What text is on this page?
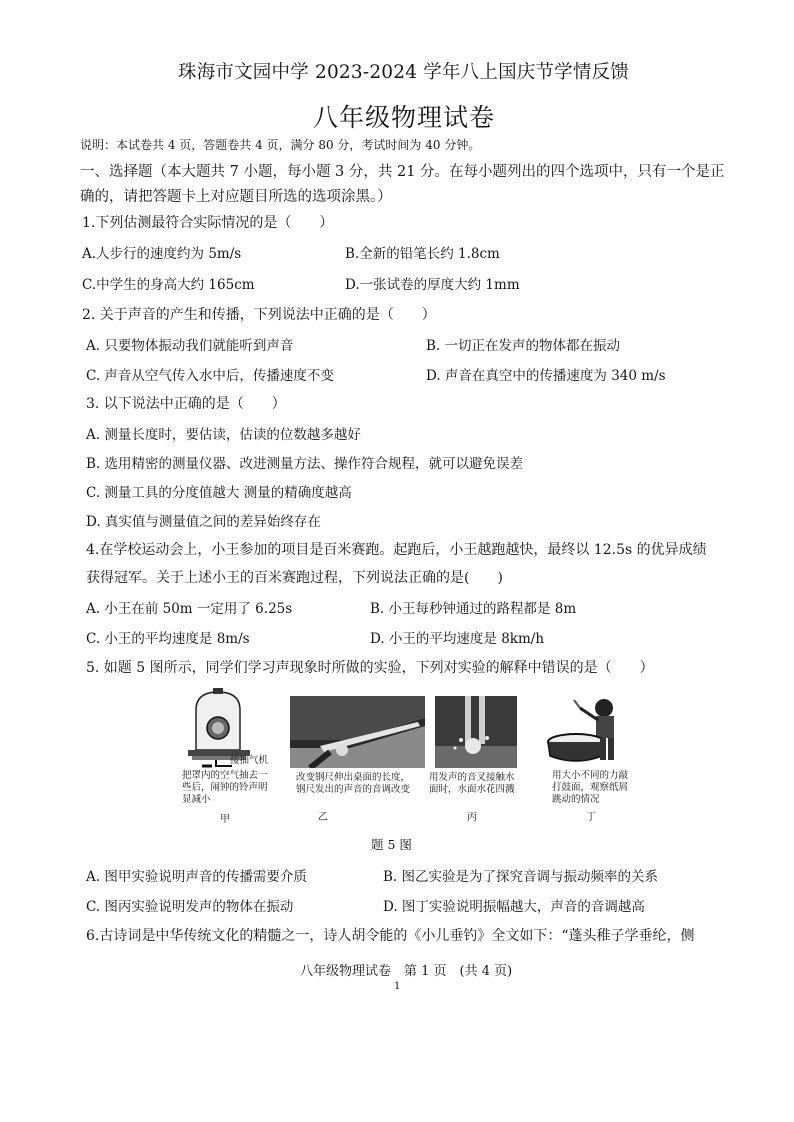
珠海市文园中学 2023-2024 学年八上国庆节学情反馈
八年级物理试卷
说明：本试卷共 4 页，答题卷共 4 页，满分 80 分，考试时间为 40 分钟。
一、选择题（本大题共 7 小题，每小题 3 分，共 21 分。在每小题列出的四个选项中，只有一个是正
确的，请把答题卡上对应题目所选的选项涂黑。）
1.下列估测最符合实际情况的是（　　）
A.人步行的速度约为 5m/s	B.全新的铅笔长约 1.8cm
C.中学生的身高大约 165cm	D.一张试卷的厚度大约 1mm
2. 关于声音的产生和传播，下列说法中正确的是（　　）
A. 只要物体振动我们就能听到声音	B. 一切正在发声的物体都在振动
C. 声音从空气传入水中后，传播速度不变	D. 声音在真空中的传播速度为 340 m/s
3. 以下说法中正确的是（　　）
A. 测量长度时，要估读，估读的位数越多越好
B. 选用精密的测量仪器、改进测量方法、操作符合规程，就可以避免误差
C. 测量工具的分度值越大 测量的精确度越高
D. 真实值与测量值之间的差异始终存在
4.在学校运动会上，小王参加的项目是百米赛跑。起跑后，小王越跑越快，最终以 12.5s 的优异成绩
获得冠军。关于上述小王的百米赛跑过程，下列说法正确的是(　　)
A. 小王在前 50m 一定用了 6.25s	B. 小王每秒钟通过的路程都是 8m
C. 小王的平均速度是 8m/s	D. 小王的平均速度是 8km/h
5. 如题 5 图所示，同学们学习声现象时所做的实验，下列对实验的解释中错误的是（　　）
接抽气机
把罩内的空气抽去一些后，闹钟的铃声明显减小
甲
改变钢尺伸出桌面的长度，钢尺发出的声音的音调改变
乙
用发声的音叉接触水面时，水面水花四溅
丙
用大小不同的力敲打鼓面，观察纸屑跳动的情况
丁
题 5 图
A. 图甲实验说明声音的传播需要介质	B. 图乙实验是为了探究音调与振动频率的关系
C. 图丙实验说明发声的物体在振动	D. 图丁实验说明振幅越大，声音的音调越高
6.古诗词是中华传统文化的精髓之一，诗人胡令能的《小儿垂钓》全文如下：“蓬头稚子学垂纶，侧
八年级物理试卷　第 1 页　(共 4 页)
1
